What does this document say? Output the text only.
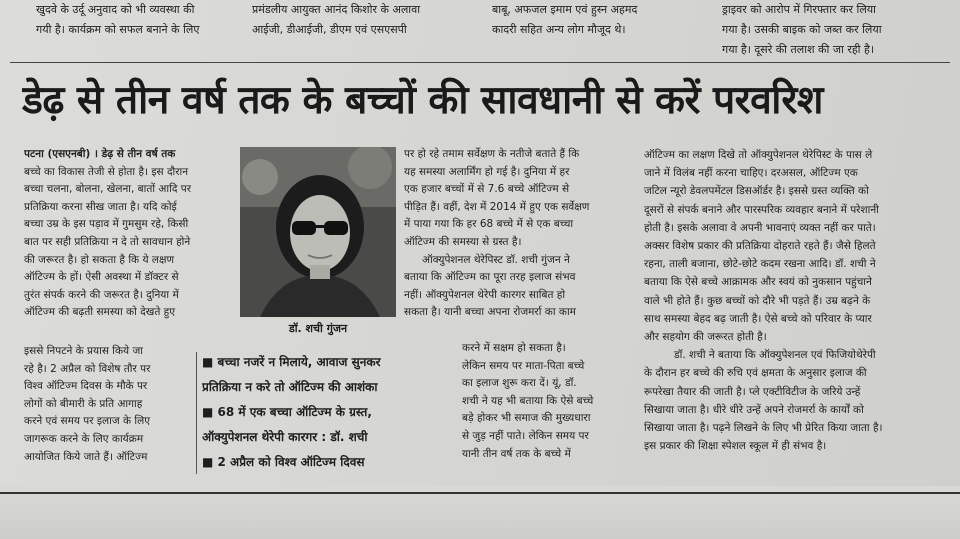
खुदवे के उर्दू अनुवाद को भी व्यवस्था की

गयी है। कार्यक्रम को सफल बनाने के लिए

प्रमंडलीय आयुक्त आनंद किशोर के अलावा

आईजी, डीआईजी, डीएम एवं एसएसपी

बाबू, अफजल इमाम एवं हुस्न अहमद

कादरी सहित अन्य लोग मौजूद थे।

ड्राइवर को आरोप में गिरफ्तार कर लिया

गया है। उसकी बाइक को जब्त कर लिया

गया है। दूसरे की तलाश की जा रही है।

डेढ़ से तीन वर्ष तक के बच्चों की सावधानी से करें परवरिश

पटना (एसएनबी) । डेढ़ से तीन वर्ष तक

बच्चे का विकास तेजी से होता है। इस दौरान

बच्चा चलना, बोलना, खेलना, बातों आदि पर

प्रतिक्रिया करना सीख जाता है। यदि कोई

बच्चा उम्र के इस पड़ाव में गुमसुम रहे, किसी

बात पर सही प्रतिक्रिया न दे तो सावधान होने

की जरूरत है। हो सकता है कि ये लक्षण

ऑटिज्म के हों। ऐसी अवस्था में डॉक्टर से

तुरंत संपर्क करने की जरूरत है। दुनिया में

ऑटिज्म की बढ़ती समस्या को देखते हुए

इससे निपटने के प्रयास किये जा

रहे है। 2 अप्रैल को विशेष तौर पर

विश्व ऑटिज्म दिवस के मौके पर

लोगों को बीमारी के प्रति आगाह

करने एवं समय पर इलाज के लिए

जागरूक करने के लिए कार्यक्रम

आयोजित किये जाते हैं। ऑटिज्म

डॉ. शची गुंजन

■ बच्चा नजरें न मिलाये, आवाज सुनकर

प्रतिक्रिया न करे तो ऑटिज्म की आशंका

■ 68 में एक बच्चा ऑटिज्म के ग्रस्त,

ऑक्युपेशनल थेरेपी कारगर : डॉ. शची

■ 2 अप्रैल को विश्व ऑटिज्म दिवस

पर हो रहे तमाम सर्वेक्षण के नतीजे बताते हैं कि

यह समस्या अलार्मिंग हो गई है। दुनिया में हर

एक हजार बच्चों में से 7.6 बच्चे ऑटिज्म से

पीड़ित हैं। वहीं, देश में 2014 में हुए एक सर्वेक्षण

में पाया गया कि हर 68 बच्चे में से एक बच्चा

ऑटिज्म की समस्या से ग्रस्त है।

ऑक्युपेशनल थेरेपिस्ट डॉ. शची गुंजन ने

बताया कि ऑटिज्म का पूरा तरह इलाज संभव

नहीं। ऑक्युपेशनल थेरेपी कारगर साबित हो

सकता है। यानी बच्चा अपना रोजमर्रा का काम

करने में सक्षम हो सकता है।

लेकिन समय पर माता-पिता बच्चे

का इलाज शुरू करा दें। यूं, डॉ.

शची ने यह भी बताया कि ऐसे बच्चे

बड़े होकर भी समाज की मुख्यधारा

से जुड़ नहीं पाते। लेकिन समय पर

यानी तीन वर्ष तक के बच्चे में

ऑटिज्म का लक्षण दिखे तो ऑक्युपेशनल थेरेपिस्ट के पास ले

जाने में विलंब नहीं करना चाहिए। दरअसल, ऑटिज्म एक

जटिल न्यूरो डेवलपमेंटल डिसऑर्डर है। इससे ग्रस्त व्यक्ति को

दूसरों से संपर्क बनाने और पारस्परिक व्यवहार बनाने में परेशानी

होती है। इसके अलावा वे अपनी भावनाएं व्यक्त नहीं कर पाते।

अक्सर विशेष प्रकार की प्रतिक्रिया दोहराते रहते हैं। जैसे हिलते

रहना, ताली बजाना, छोटे-छोटे कदम रखना आदि। डॉ. शची ने

बताया कि ऐसे बच्चे आक्रामक और स्वयं को नुकसान पहुंचाने

वाले भी होते हैं। कुछ बच्चों को दौरे भी पड़ते हैं। उम्र बढ़ने के

साथ समस्या बेहद बढ़ जाती है। ऐसे बच्चे को परिवार के प्यार

और सहयोग की जरूरत होती है।

डॉ. शची ने बताया कि ऑक्युपेशनल एवं फिजियोथेरेपी

के दौरान हर बच्चे की रुचि एवं क्षमता के अनुसार इलाज की

रूपरेखा तैयार की जाती है। प्ले एक्टीविटीज के जरिये उन्हें

सिखाया जाता है। धीरे धीरे उन्हें अपने रोजमर्रा के कार्यों को

सिखाया जाता है। पढ़ने लिखने के लिए भी प्रेरित किया जाता है।

इस प्रकार की शिक्षा स्पेशल स्कूल में ही संभव है।
